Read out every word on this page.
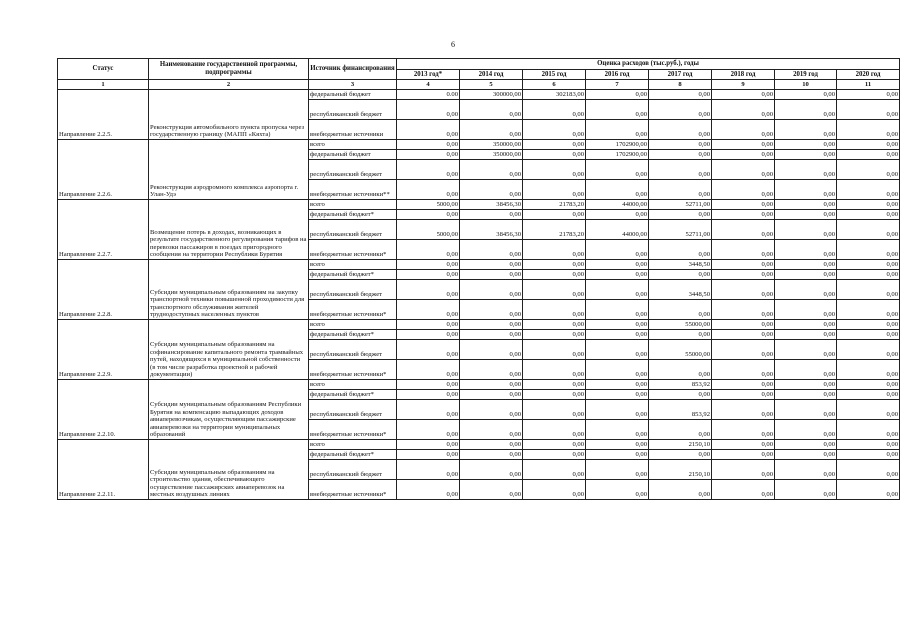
6
Статус	Наименование государственной программы, подпрограммы	Источник финансирования	Оценка расходов (тыс.руб.), годы							
			2013 год*	2014 год	2015 год	2016 год	2017 год	2018 год	2019 год	2020 год
1	2	3	4	5	6	7	8	9	10	11
Направление 2.2.5.	Реконструкция автомобильного пункта пропуска через государственную границу (МАПП «Кяхта)	федеральный бюджет	0.00	300000,00	302183,00	0,00	0,00	0,00	0,00	0,00
		республиканский бюджет	0,00	0,00	0,00	0,00	0,00	0,00	0,00	0,00
		внебюджетные источники	0,00	0,00	0,00	0,00	0,00	0,00	0,00	0,00
Направление 2.2.6.	Реконструкция аэродромного комплекса аэропорта г. Улан-Удэ	всего	0,00	350000,00	0,00	1702900,00	0,00	0,00	0,00	0,00
		федеральный бюджет	0,00	350000,00	0,00	1702900,00	0,00	0,00	0,00	0,00
		республиканский бюджет	0,00	0,00	0,00	0,00	0,00	0,00	0,00	0,00
		внебюджетные источники**	0,00	0,00	0,00	0,00	0,00	0,00	0,00	0,00
Направление 2.2.7.	Возмещение потерь в доходах, возникающих в результате государственного регулирования тарифов на перевозки пассажиров в поездах пригородного сообщения на территории Республики Бурятия	всего	5000,00	38456,30	21783,20	44000,00	52711,00	0,00	0,00	0,00
		федеральный бюджет*	0,00	0,00	0,00	0,00	0,00	0,00	0,00	0,00
		республиканский бюджет	5000,00	38456,30	21783,20	44000,00	52711,00	0,00	0,00	0,00
		внебюджетные источники*	0,00	0,00	0,00	0,00	0,00	0,00	0,00	0,00
Направление 2.2.8.	Субсидии муниципальным образованиям на закупку транспортной техники повышенной проходимости для транспортного обслуживания жителей труднодоступных населенных пунктов	всего	0,00	0,00	0,00	0,00	3448,50	0,00	0,00	0,00
		федеральный бюджет*	0,00	0,00	0,00	0,00	0,00	0,00	0,00	0,00
		республиканский бюджет	0,00	0,00	0,00	0,00	3448,50	0,00	0,00	0,00
		внебюджетные источники*	0,00	0,00	0,00	0,00	0,00	0,00	0,00	0,00
Направление 2.2.9.	Субсидии муниципальным образованиям на софинансирование капитального ремонта трамвайных путей, находящихся в муниципальной собственности (в том числе разработка проектной и рабочей документации)	всего	0,00	0,00	0,00	0,00	55000,00	0,00	0,00	0,00
		федеральный бюджет*	0,00	0,00	0,00	0,00	0,00	0,00	0,00	0,00
		республиканский бюджет	0,00	0,00	0,00	0,00	55000,00	0,00	0,00	0,00
		внебюджетные источники*	0,00	0,00	0,00	0,00	0,00	0,00	0,00	0,00
Направление 2.2.10.	Субсидии муниципальным образованиям Республики Бурятия на компенсацию выпадающих доходов авиаперевозчикам, осуществляющим пассажирские авиаперевозки на территории муниципальных образований	всего	0,00	0,00	0,00	0,00	853,92	0,00	0,00	0,00
		федеральный бюджет*	0,00	0,00	0,00	0,00	0,00	0,00	0,00	0,00
		республиканский бюджет	0,00	0,00	0,00	0,00	853,92	0,00	0,00	0,00
		внебюджетные источники*	0,00	0,00	0,00	0,00	0,00	0,00	0,00	0,00
Направление 2.2.11.	Субсидии муниципальным образованиям на строительство здания, обеспечивающего осуществление пассажирских авиаперевозок на местных воздушных линиях	всего	0,00	0,00	0,00	0,00	2150,10	0,00	0,00	0,00
		федеральный бюджет*	0,00	0,00	0,00	0,00	0,00	0,00	0,00	0,00
		республиканский бюджет	0,00	0,00	0,00	0,00	2150,10	0,00	0,00	0,00
		внебюджетные источники*	0,00	0,00	0,00	0,00	0,00	0,00	0,00	0,00
